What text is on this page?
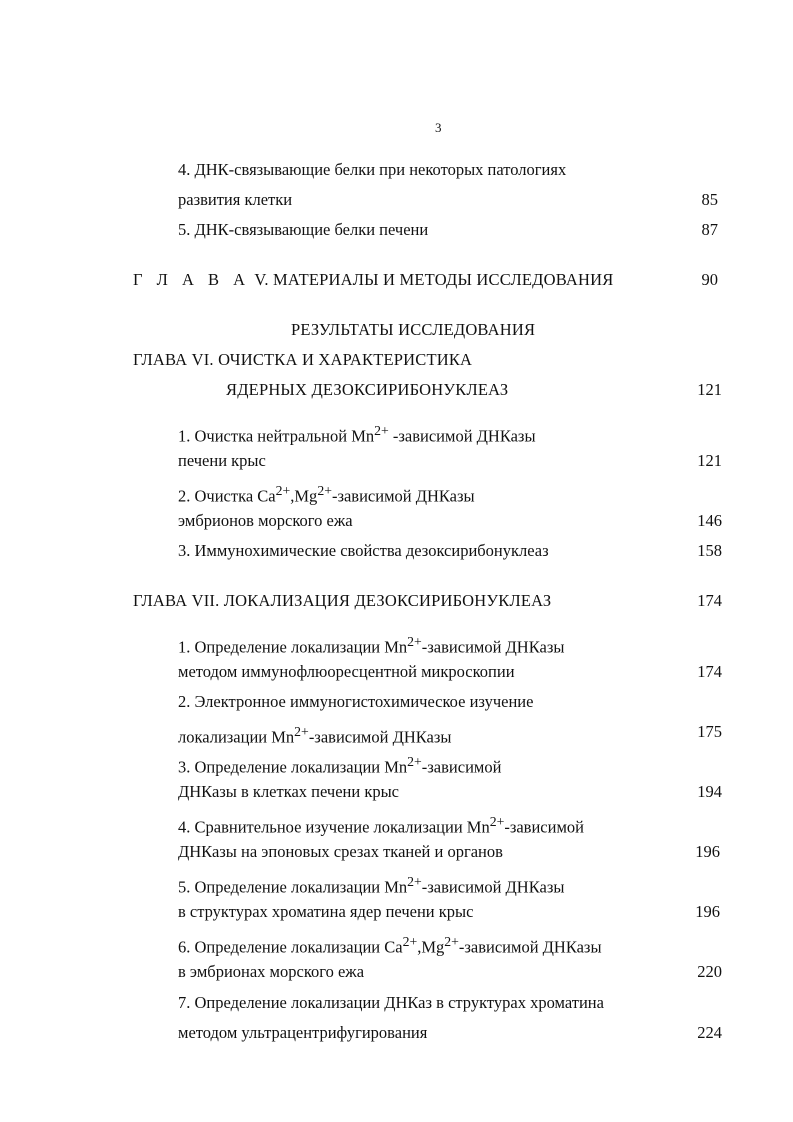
3
4. ДНК-связывающие белки при некоторых патологиях
развития клетки	85
5. ДНК-связывающие белки печени	87
Г Л А В А V. МАТЕРИАЛЫ И МЕТОДЫ ИССЛЕДОВАНИЯ	90
РЕЗУЛЬТАТЫ ИССЛЕДОВАНИЯ
ГЛАВА VI. ОЧИСТКА И ХАРАКТЕРИСТИКА
ЯДЕРНЫХ ДЕЗОКСИРИБОНУКЛЕАЗ	121
1. Очистка нейтральной $Mn^{2+}$ -зависимой ДНКазы
печени крыс	121
2. Очистка $Ca^{2+},Mg^{2+}$-зависимой ДНКазы
эмбрионов морского ежа	146
3. Иммунохимические свойства дезоксирибонуклеаз	158
ГЛАВА VII. ЛОКАЛИЗАЦИЯ ДЕЗОКСИРИБОНУКЛЕАЗ	174
1. Определение локализации $Mn^{2+}$-зависимой ДНКазы
методом иммунофлюоресцентной микроскопии	174
2. Электронное иммуногистохимическое изучение
локализации $Mn^{2+}$-зависимой ДНКазы	175
3. Определение локализации $Mn^{2+}$-зависимой
ДНКазы в клетках печени крыс	194
4. Сравнительное изучение локализации $Mn^{2+}$-зависимой
ДНКазы на эпоновых срезах тканей и органов	196
5. Определение локализации $Mn^{2+}$-зависимой ДНКазы
в структурах хроматина ядер печени крыс	196
6. Определение локализации $Ca^{2+},Mg^{2+}$-зависимой ДНКазы
в эмбрионах морского ежа	220
7. Определение локализации ДНКаз в структурах хроматина
методом ультрацентрифугирования	224
